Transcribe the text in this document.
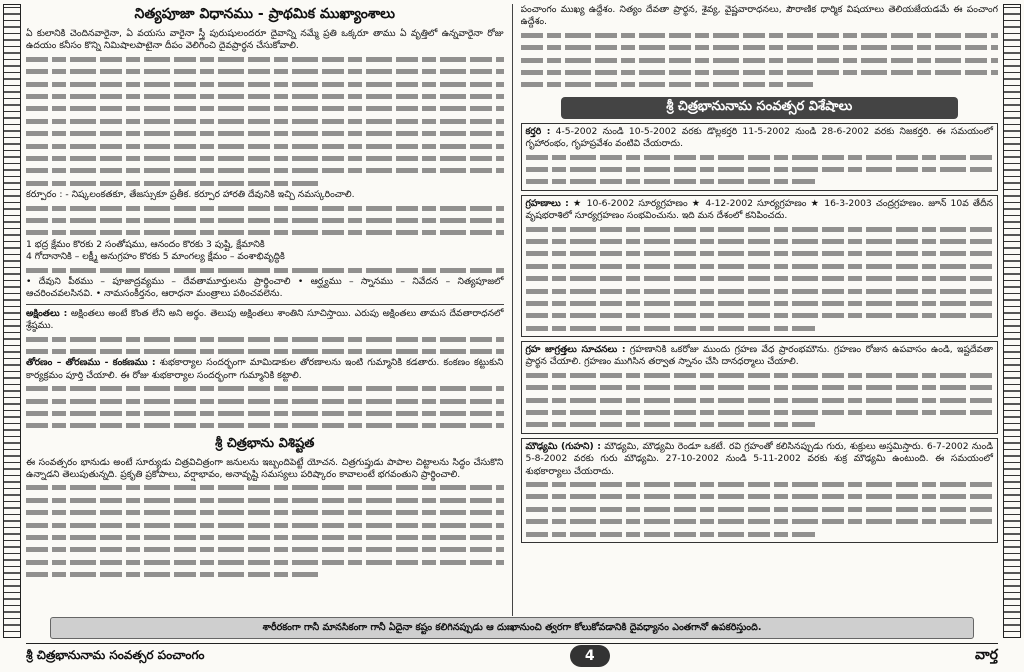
నిత్యపూజా విధానము - ప్రాథమిక ముఖ్యాంశాలు

ఏ కులానికి చెందినవారైనా, ఏ వయసు వారైనా స్త్రీ పురుషులందరూ దైవాన్ని నమ్మే ప్రతి ఒక్కరూ తాము ఏ వృత్తిలో ఉన్నవారైనా రోజు ఉదయం కనీసం కొన్ని నిమిషాలపాటైనా దీపం వెలిగించి దైవప్రార్థన చేసుకోవాలి.

కర్పూరం : - నిష్కలంకతకూ, తేజస్సుకూ ప్రతీక. కర్పూర హారతి దేవునికి ఇచ్చి నమస్కరించాలి.

1 భద్ర క్షేమం కొరకు 2 సంతోషము, ఆనందం కొరకు 3 పుష్టి, క్షేమానికి

4 గోదానానికి – లక్ష్మీ అనుగ్రహం కొరకు 5 మాంగల్య క్షేమం – వంశాభివృద్ధికి

• దేవుని పీఠము – పూజాద్రవ్యము – దేవతామూర్తులను ప్రార్థించాలి • ఆర్ఘ్యము – స్నానము – నివేదన – నిత్యపూజలో ఆచరించవలసినవి. • నామసంకీర్తనం, ఆరాధనా మంత్రాలు పఠించవలెను.

అక్షింతలు : అక్షింతలు అంటే కొంత లేని అని అర్థం. తెలుపు అక్షింతలు శాంతిని సూచిస్తాయి. ఎరుపు అక్షింతలు తామస దేవతారాధనలో శ్రేష్ఠము.

తోరణం – తోరణము - కంకణము : శుభకార్యాల సందర్భంగా మామిడాకుల తోరణాలను ఇంటి గుమ్మానికి కడతారు. కంకణం కట్టుకుని కార్యక్రమం పూర్తి చేయాలి. ఈ రోజు శుభకార్యాల సందర్భంగా గుమ్మానికి కట్టాలి.

శ్రీ చిత్రభాను విశిష్టత

ఈ సంవత్సరం భానుడు అంటే సూర్యుడు చిత్రవిచిత్రంగా జనులను ఇబ్బందిపెట్టే యోచన. చిత్రగుప్తుడు పాపాల చిట్టాలను సిద్ధం చేసుకొని ఉన్నాడని తెలుపుతున్నది. ప్రకృతి ప్రకోపాలు, వర్షాభావం, అనావృష్టి సమస్యలు పరిష్కారం కావాలంటే భగవంతుని ప్రార్థించాలి.

పంచాంగం ముఖ్య ఉద్దేశం. నిత్యం దేవతా ప్రార్థన, శైవ్య, వైష్ణవారాధనలు, పౌరాణిక ధార్మిక విషయాలు తెలియజేయడమే ఈ పంచాంగ ఉద్దేశం.

శ్రీ చిత్రభానునామ సంవత్సర విశేషాలు

కర్తరి : 4-5-2002 నుండి 10-5-2002 వరకు డొల్లకర్తరి 11-5-2002 నుండి 28-6-2002 వరకు నిజకర్తరి. ఈ సమయంలో గృహారంభం, గృహప్రవేశం వంటివి చేయరాదు.

గ్రహణాలు : ★ 10-6-2002 సూర్యగ్రహణం ★ 4-12-2002 సూర్యగ్రహణం ★ 16-3-2003 చంద్రగ్రహణం. జూన్ 10వ తేదీన వృషభరాశిలో సూర్యగ్రహణం సంభవించును. ఇది మన దేశంలో కనిపించదు.

గ్రహ జాగ్రత్తలు సూచనలు : గ్రహణానికి ఒకరోజు ముందు గ్రహణ వేధ ప్రారంభమౌను. గ్రహణం రోజున ఉపవాసం ఉండి, ఇష్టదేవతా ప్రార్థన చేయాలి. గ్రహణం ముగిసిన తర్వాత స్నానం చేసి దానధర్మాలు చేయాలి.

మౌఢ్యమి (గుహని) : మౌఢ్యమి, మౌఢ్యమి రెండూ ఒకటే. రవి గ్రహంతో కలిసినప్పుడు గురు, శుక్రులు అస్తమిస్తారు. 6-7-2002 నుండి 5-8-2002 వరకు గురు మౌఢ్యమి. 27-10-2002 నుండి 5-11-2002 వరకు శుక్ర మౌఢ్యమి ఉంటుంది. ఈ సమయంలో శుభకార్యాలు చేయరాదు.

శారీరకంగా గానీ మానసికంగా గానీ ఏదైనా కష్టం కలిగినప్పుడు ఆ దుఃఖానుంచి త్వరగా కోలుకోవడానికి దైవధ్యానం ఎంతగానో ఉపకరిస్తుంది.
శ్రీ చిత్రభానునామ సంవత్సర పంచాంగం	4	వార్త
